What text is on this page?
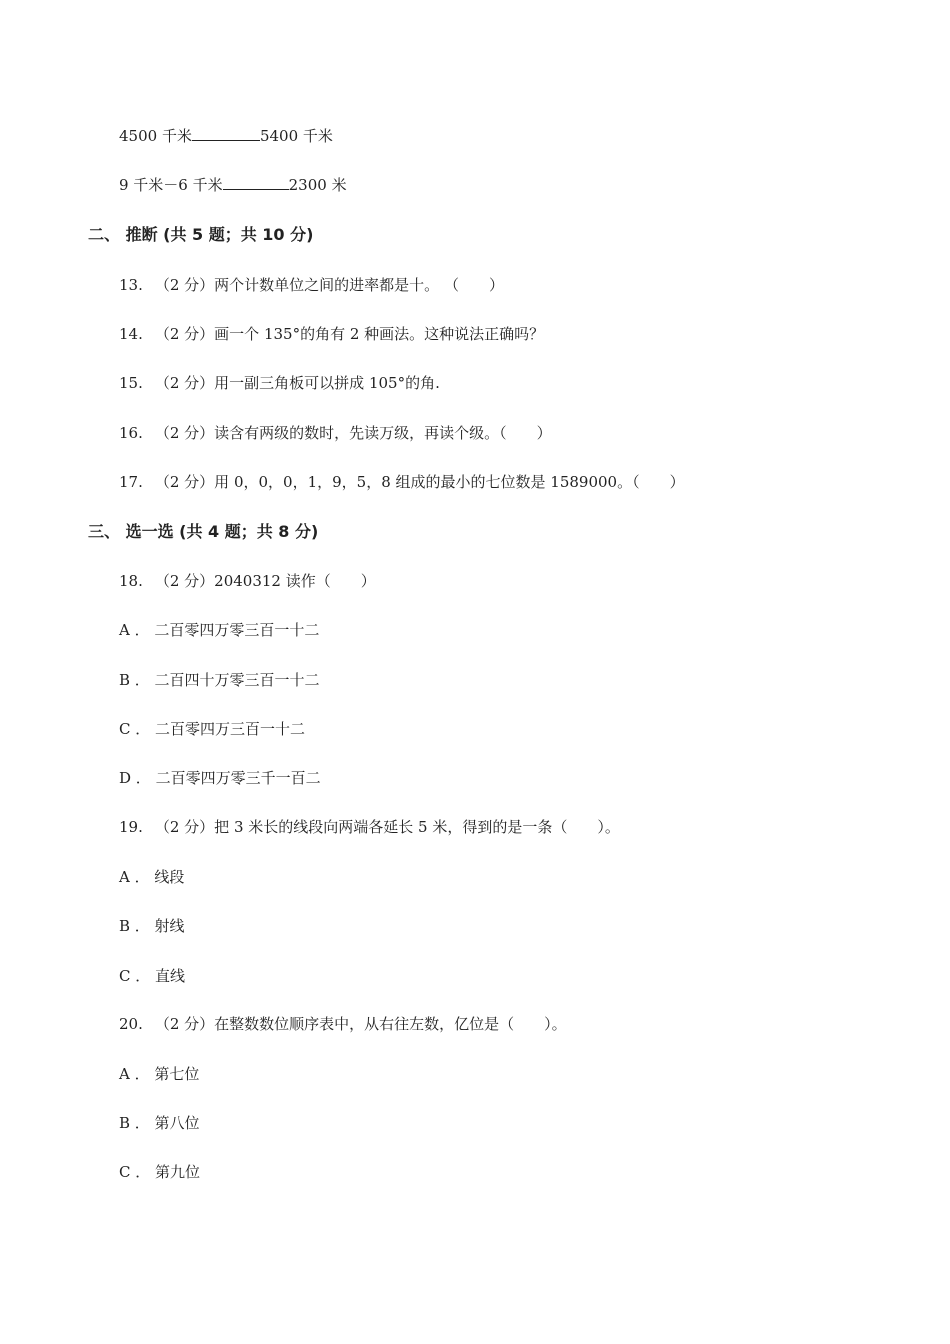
4500 千米	5400 千米
9 千米－6 千米	2300 米
二、 推断 (共 5 题；共 10 分)
13. （2 分）两个计数单位之间的进率都是十。 （　　）
14. （2 分）画一个 135°的角有 2 种画法。这种说法正确吗？
15. （2 分）用一副三角板可以拼成 105°的角.
16. （2 分）读含有两级的数时，先读万级，再读个级。（　　）
17. （2 分）用 0，0，0，1，9，5，8 组成的最小的七位数是 1589000。（　　）
三、 选一选 (共 4 题；共 8 分)
18. （2 分）2040312 读作（　　）
A ． 二百零四万零三百一十二
B ． 二百四十万零三百一十二
C ． 二百零四万三百一十二
D ． 二百零四万零三千一百二
19. （2 分）把 3 米长的线段向两端各延长 5 米，得到的是一条（　　）。
A ． 线段
B ． 射线
C ． 直线
20. （2 分）在整数数位顺序表中，从右往左数，亿位是（　　）。
A ． 第七位
B ． 第八位
C ． 第九位
